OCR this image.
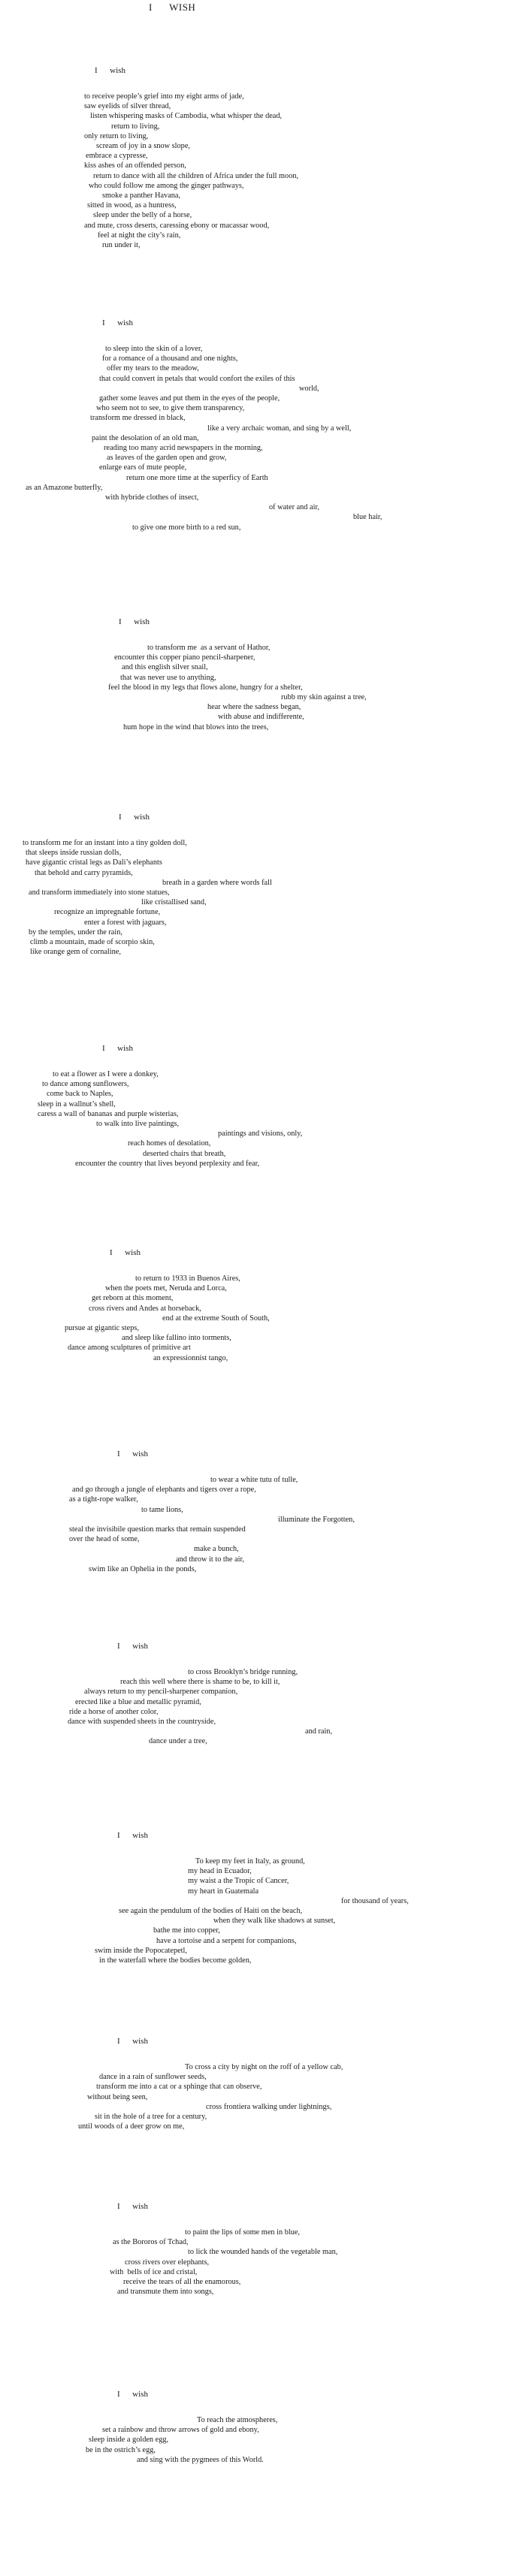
I      WISH
I      wish
to receive people’s grief into my eight arms of jade,
saw eyelids of silver thread,
listen whispering masks of Cambodia, what whisper the dead,
return to living,
only return to living,
scream of joy in a snow slope,
embrace a cypresse,
kiss ashes of an offended person,
return to dance with all the children of Africa under the full moon,
who could follow me among the ginger pathways,
smoke a panther Havana,
sitted in wood, as a huntress,
sleep under the belly of a horse,
and mute, cross deserts, caressing ebony or macassar wood,
feel at night the city’s rain,
run under it,
I      wish
to sleep into the skin of a lover,
for a romance of a thousand and one nights,
offer my tears to the meadow,
that could convert in petals that would confort the exiles of this
world,
gather some leaves and put them in the eyes of the people,
who seem not to see, to give them transparency,
transform me dressed in black,
like a very archaic woman, and sing by a well,
paint the desolation of an old man,
reading too many acrid newspapers in the morning,
as leaves of the garden open and grow,
enlarge ears of mute people,
return one more time at the superficy of Earth
as an Amazone butterfly,
with hybride clothes of insect,
of water and air,
blue hair,
to give one more birth to a red sun,
I      wish
to transform me  as a servant of Hathor,
encounter this copper piano pencil-sharpener,
and this english silver snail,
that was never use to anything,
feel the blood in my legs that flows alone, hungry for a shelter,
rubb my skin against a tree,
hear where the sadness began,
with abuse and indifferente,
hum hope in the wind that blows into the trees,
I      wish
to transform me for an instant into a tiny golden doll,
that sleeps inside russian dolls,
have gigantic cristal legs as Dali’s elephants
that behold and carry pyramids,
breath in a garden where words fall
and transform immediately into stone statues,
like cristallised sand,
recognize an impregnable fortune,
enter a forest with jaguars,
by the temples, under the rain,
climb a mountain, made of scorpio skin,
like orange gem of cornaline,
I      wish
to eat a flower as I were a donkey,
to dance among sunflowers,
come back to Naples,
sleep in a wallnut’s shell,
caress a wall of bananas and purple wisterias,
to walk into live paintings,
paintings and visions, only,
reach homes of desolation,
deserted chairs that breath,
encounter the country that lives beyond perplexity and fear,
I      wish
to return to 1933 in Buenos Aires,
when the poets met, Neruda and Lorca,
get reborn at this moment,
cross rivers and Andes at horseback,
end at the extreme South of South,
pursue at gigantic steps,
and sleep like fallino into torments,
dance among sculptures of primitive art
an expressionnist tango,
I      wish
to wear a white tutu of tulle,
and go through a jungle of elephants and tigers over a rope,
as a tight-rope walker,
to tame lions,
illuminate the Forgotten,
steal the invisibile question marks that remain suspended
over the head of some,
make a bunch,
and throw it to the air,
swim like an Ophelia in the ponds,
I      wish
to cross Brooklyn’s bridge running,
reach this well where there is shame to be, to kill it,
always return to my pencil-sharpener companion,
erected like a blue and metallic pyramid,
ride a horse of another color,
dance with suspended sheets in the countryside,
and rain,
dance under a tree,
I      wish
To keep my feet in Italy, as ground,
my head in Ecuador,
my waist a the Tropic of Cancer,
my heart in Guatemala
for thousand of years,
see again the pendulum of the bodies of Haiti on the beach,
when they walk like shadows at sunset,
bathe me into copper,
have a tortoise and a serpent for companions,
swim inside the Popocatepetl,
in the waterfall where the bodies become golden,
I      wish
To cross a city by night on the roff of a yellow cab,
dance in a rain of sunflower seeds,
transform me into a cat or a sphinge that can observe,
without being seen,
cross frontiera walking under lightnings,
sit in the hole of a tree for a century,
until woods of a deer grow on me,
I      wish
to paint the lips of some men in blue,
as the Bororos of Tchad,
to lick the wounded hands of the vegetable man,
cross rivers over elephants,
with  bells of ice and cristal,
receive the tears of all the enamorous,
and transmute them into songs,
I      wish
To reach the atmospheres,
set a rainbow and throw arrows of gold and ebony,
sleep inside a golden egg,
be in the ostrich’s egg,
and sing with the pygmees of this World.
